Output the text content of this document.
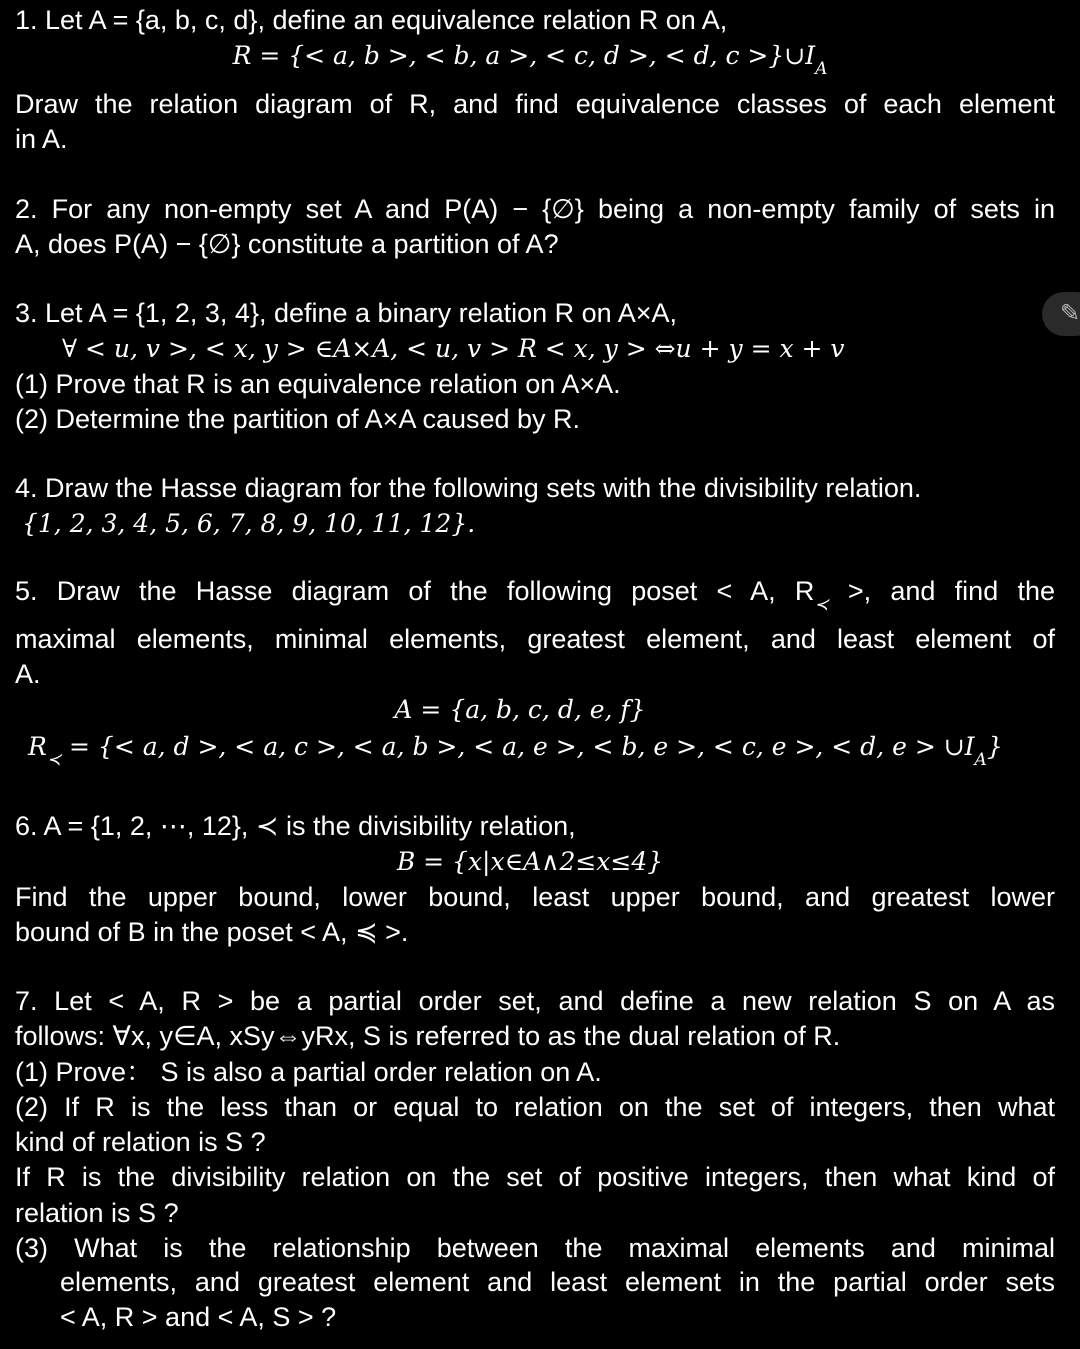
1. Let A = {a, b, c, d}, define an equivalence relation R on A,
R = {< a, b >, < b, a >, < c, d >, < d, $c >\}\cup I_A$
Draw the relation diagram of R, and find equivalence classes of each element
in A.
2. For any non-empty set A and P(A) − {∅} being a non-empty family of sets in
A, does P(A) − {∅} constitute a partition of A?
3. Let A = {1, 2, 3, 4}, define a binary relation R on A×A,
∀ < u, v >, < x, y > ∈A×A, < u, v > R < x, y > ⇔u + y = x + v
(1) Prove that R is an equivalence relation on A×A.
(2) Determine the partition of A×A caused by R.
✎
4. Draw the Hasse diagram for the following sets with the divisibility relation.
{1, 2, 3, 4, 5, 6, 7, 8, 9, 10, 11, 12}.
5. Draw the Hasse diagram of the following poset < A, $R_≺$ >, and find the
maximal elements, minimal elements, greatest element, and least element of
A.
A = {a, b, c, d, e, f}
$R_≺$ = {< a, d >, < a, c >, < a, b >, < a, e >, < b, e >, < c, e >, < d, $e > \cup I_A$}
6. A = {1, 2, ⋯, 12}, ≺ is the divisibility relation,
B = {x|x∈A∧2≤x≤4}
Find the upper bound, lower bound, least upper bound, and greatest lower
bound of B in the poset < A, ≼ >.
7. Let < A, R > be a partial order set, and define a new relation S on A as
follows: ∀x, y∈A, xSy⇔yRx, S is referred to as the dual relation of R.
(1) Prove： S is also a partial order relation on A.
(2) If R is the less than or equal to relation on the set of integers, then what
kind of relation is S ?
If R is the divisibility relation on the set of positive integers, then what kind of
relation is S ?
(3) What is the relationship between the maximal elements and minimal
elements, and greatest element and least element in the partial order sets
< A, R > and < A, S > ?
